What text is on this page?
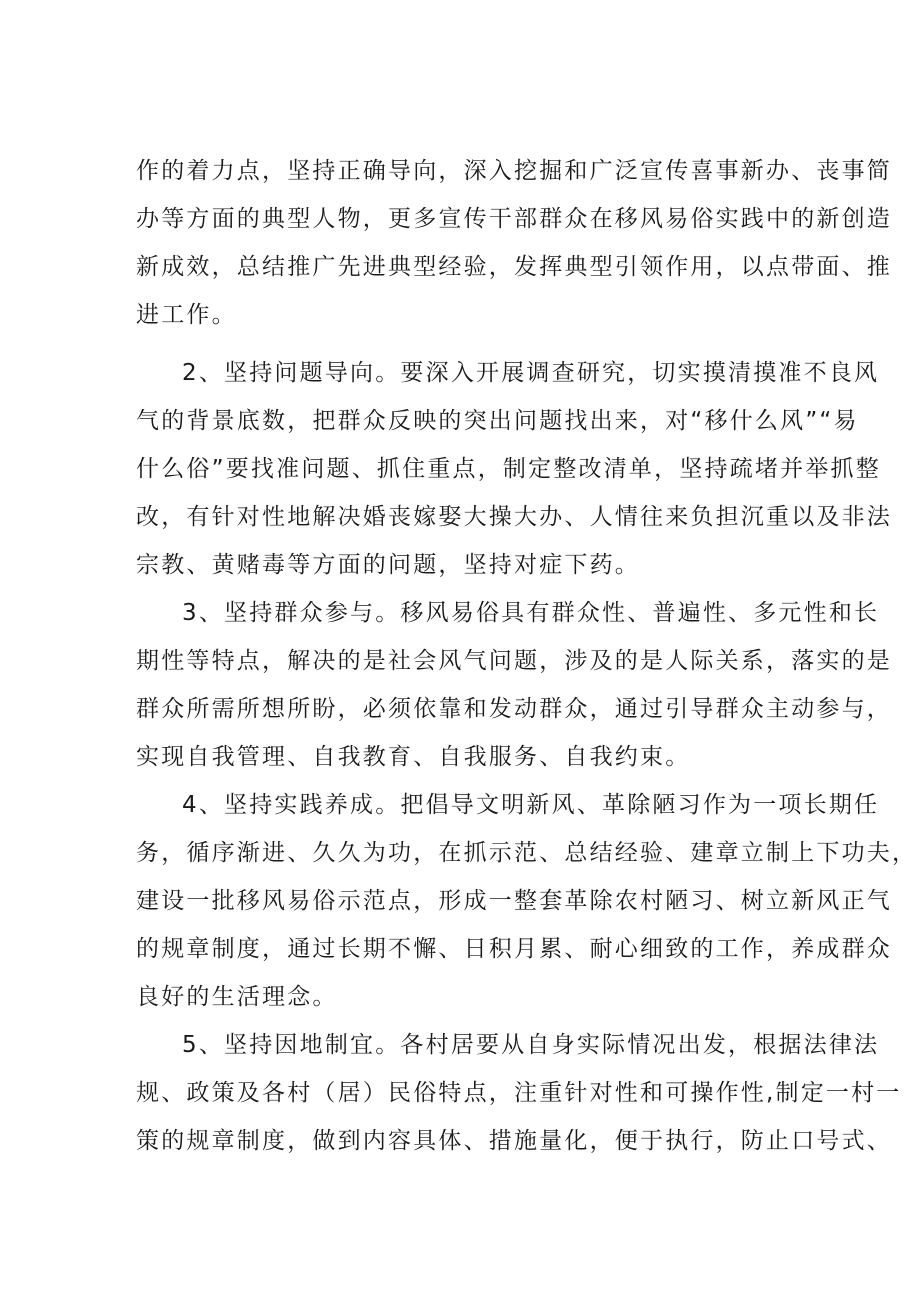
作的着力点，坚持正确导向，深入挖掘和广泛宣传喜事新办、丧事简
办等方面的典型人物，更多宣传干部群众在移风易俗实践中的新创造
新成效，总结推广先进典型经验，发挥典型引领作用，以点带面、推
进工作。
2、坚持问题导向。要深入开展调查研究，切实摸清摸准不良风
气的背景底数，把群众反映的突出问题找出来，对“移什么风”“易
什么俗”要找准问题、抓住重点，制定整改清单，坚持疏堵并举抓整
改，有针对性地解决婚丧嫁娶大操大办、人情往来负担沉重以及非法
宗教、黄赌毒等方面的问题，坚持对症下药。
3、坚持群众参与。移风易俗具有群众性、普遍性、多元性和长
期性等特点，解决的是社会风气问题，涉及的是人际关系，落实的是
群众所需所想所盼，必须依靠和发动群众，通过引导群众主动参与，
实现自我管理、自我教育、自我服务、自我约束。
4、坚持实践养成。把倡导文明新风、革除陋习作为一项长期任
务，循序渐进、久久为功，在抓示范、总结经验、建章立制上下功夫，
建设一批移风易俗示范点，形成一整套革除农村陋习、树立新风正气
的规章制度，通过长期不懈、日积月累、耐心细致的工作，养成群众
良好的生活理念。
5、坚持因地制宜。各村居要从自身实际情况出发，根据法律法
规、政策及各村（居）民俗特点，注重针对性和可操作性,制定一村一
策的规章制度，做到内容具体、措施量化，便于执行，防止口号式、
